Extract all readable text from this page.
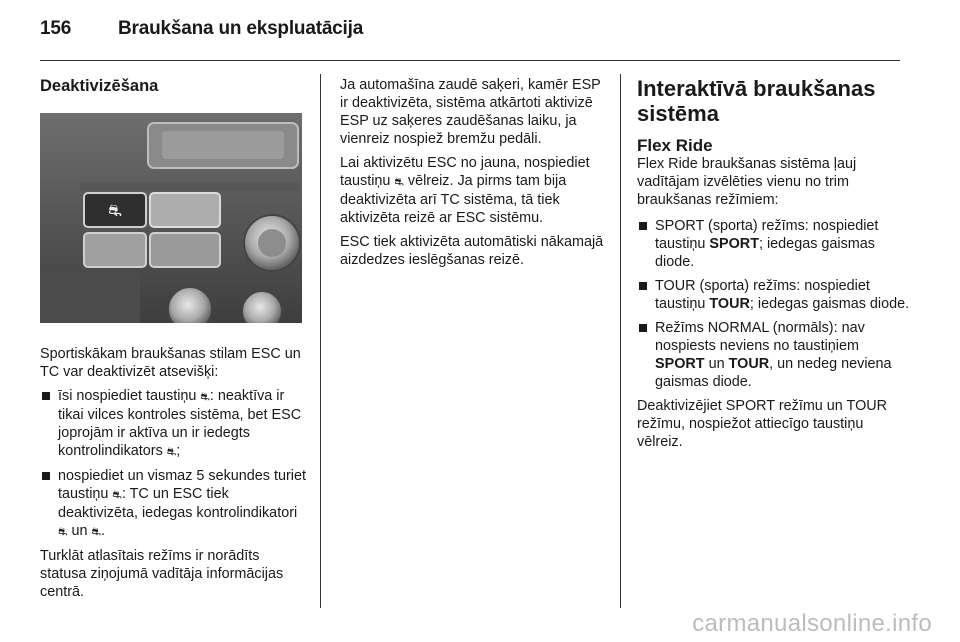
156 Braukšana un ekspluatācija
Deaktivizēšana
⛐

Sportiskākam braukšanas stilam ESC un TC var deaktivizēt atsevišķi:

īsi nospiediet taustiņu ⛐: neaktīva ir tikai vilces kontroles sistēma, bet ESC joprojām ir aktīva un ir iedegts kontrolindikators ⛐;
nospiediet un vismaz 5 sekundes turiet taustiņu ⛐: TC un ESC tiek deaktivizēta, iedegas kontrolindikatori ⛐ un ⛐.

Turklāt atlasītais režīms ir norādīts statusa ziņojumā vadītāja informācijas centrā.

Ja automašīna zaudē saķeri, kamēr ESP ir deaktivizēta, sistēma atkārtoti aktivizē ESP uz saķeres zaudēšanas laiku, ja vienreiz nospiež bremžu pedāli.

Lai aktivizētu ESC no jauna, nospiediet taustiņu ⛐ vēlreiz. Ja pirms tam bija deaktivizēta arī TC sistēma, tā tiek aktivizēta reizē ar ESC sistēmu.

ESC tiek aktivizēta automātiski nākamajā aizdedzes ieslēgšanas reizē.

Interaktīvā braukšanas sistēma
Flex Ride

Flex Ride braukšanas sistēma ļauj vadītājam izvēlēties vienu no trim braukšanas režīmiem:

SPORT (sporta) režīms: nospiediet taustiņu SPORT; iedegas gaismas diode.
TOUR (sporta) režīms: nospiediet taustiņu TOUR; iedegas gaismas diode.
Režīms NORMAL (normāls): nav nospiests neviens no taustiņiem SPORT un TOUR, un nedeg neviena gaismas diode.

Deaktivizējiet SPORT režīmu un TOUR režīmu, nospiežot attiecīgo taustiņu vēlreiz.

carmanualsonline.info
